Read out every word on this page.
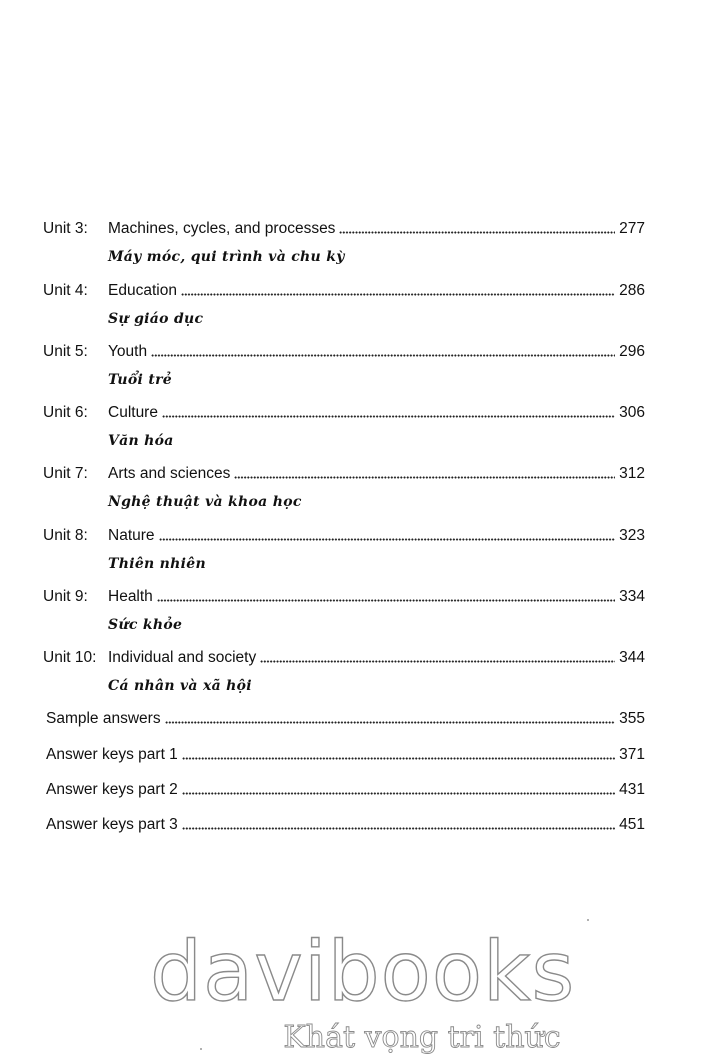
Unit 3:	Machines, cycles, and processes	277
Máy móc, qui trình và chu kỳ
Unit 4:	Education	286
Sự giáo dục
Unit 5:	Youth	296
Tuổi trẻ
Unit 6:	Culture	306
Văn hóa
Unit 7:	Arts and sciences	312
Nghệ thuật và khoa học
Unit 8:	Nature	323
Thiên nhiên
Unit 9:	Health	334
Sức khỏe
Unit 10: Individual and society	344
Cá nhân và xã hội
Sample answers	355
Answer keys part 1	371
Answer keys part 2	431
Answer keys part 3	451
davibooks
Khát vọng tri thức
